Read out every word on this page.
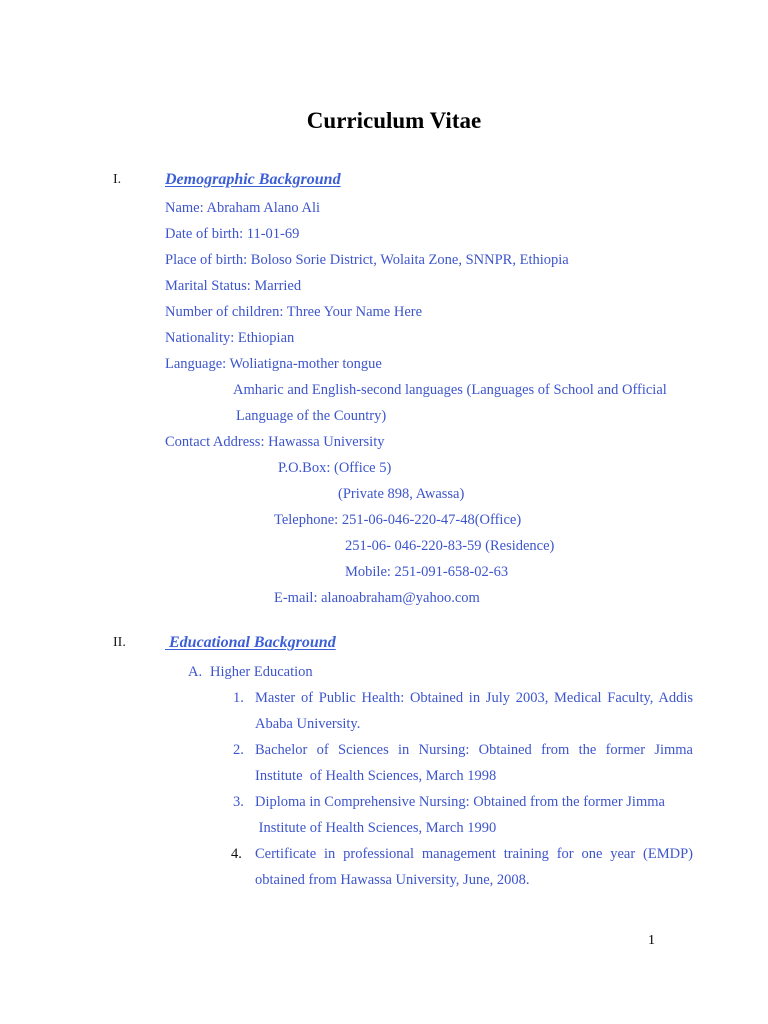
Curriculum Vitae
I.	Demographic Background
Name: Abraham Alano Ali
Date of birth: 11-01-69
Place of birth: Boloso Sorie District, Wolaita Zone, SNNPR, Ethiopia
Marital Status: Married
Number of children: Three Your Name Here
Nationality: Ethiopian
Language: Woliatigna-mother tongue
Amharic and English-second languages (Languages of School and Official
Language of the Country)
Contact Address: Hawassa University
P.O.Box: (Office 5)
(Private 898, Awassa)
Telephone: 251-06-046-220-47-48(Office)
251-06- 046-220-83-59 (Residence)
Mobile: 251-091-658-02-63
E-mail: alanoabraham@yahoo.com
II. Educational Background
A. Higher Education
1. Master of Public Health: Obtained in July 2003, Medical Faculty, Addis
Ababa University.
2. Bachelor of Sciences in Nursing: Obtained from the former Jimma
Institute  of Health Sciences, March 1998
3. Diploma in Comprehensive Nursing: Obtained from the former Jimma
Institute of Health Sciences, March 1990
4. Certificate in professional management training for one year (EMDP)
obtained from Hawassa University, June, 2008.
1
